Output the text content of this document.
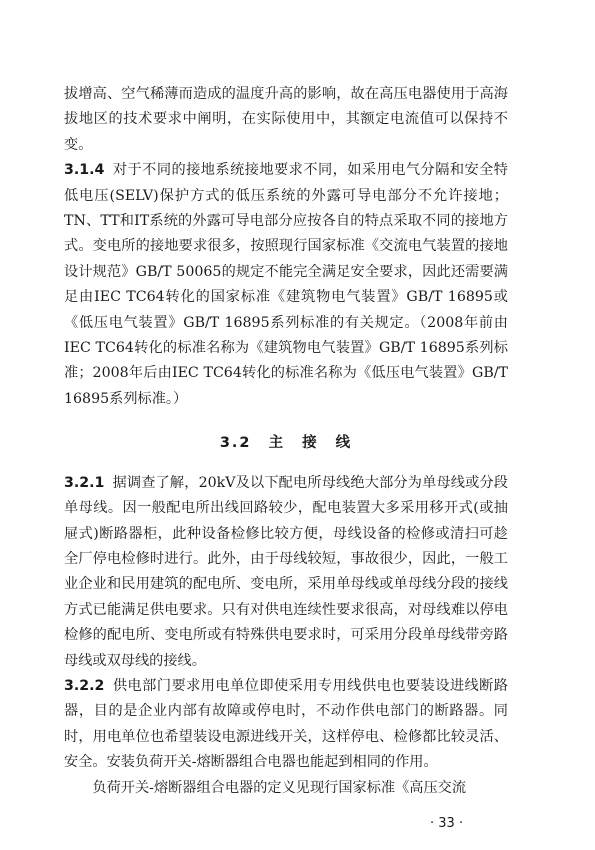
拔增高、空气稀薄而造成的温度升高的影响，故在高压电器使用于高海拔地区的技术要求中阐明，在实际使用中，其额定电流值可以保持不变。

3.1.4 对于不同的接地系统接地要求不同，如采用电气分隔和安全特低电压(SELV)保护方式的低压系统的外露可导电部分不允许接地；TN、TT和IT系统的外露可导电部分应按各自的特点采取不同的接地方式。变电所的接地要求很多，按照现行国家标准《交流电气装置的接地设计规范》GB/T 50065的规定不能完全满足安全要求，因此还需要满足由IEC TC64转化的国家标准《建筑物电气装置》GB/T 16895或《低压电气装置》GB/T 16895系列标准的有关规定。（2008年前由IEC TC64转化的标准名称为《建筑物电气装置》GB/T 16895系列标准；2008年后由IEC TC64转化的标准名称为《低压电气装置》GB/T 16895系列标准。）

3.2 主 接 线

3.2.1 据调查了解，20kV及以下配电所母线绝大部分为单母线或分段单母线。因一般配电所出线回路较少，配电装置大多采用移开式(或抽屉式)断路器柜，此种设备检修比较方便，母线设备的检修或清扫可趁全厂停电检修时进行。此外，由于母线较短，事故很少，因此，一般工业企业和民用建筑的配电所、变电所，采用单母线或单母线分段的接线方式已能满足供电要求。只有对供电连续性要求很高，对母线难以停电检修的配电所、变电所或有特殊供电要求时，可采用分段单母线带旁路母线或双母线的接线。

3.2.2 供电部门要求用电单位即使采用专用线供电也要装设进线断路器，目的是企业内部有故障或停电时，不动作供电部门的断路器。同时，用电单位也希望装设电源进线开关，这样停电、检修都比较灵活、安全。安装负荷开关-熔断器组合电器也能起到相同的作用。

负荷开关-熔断器组合电器的定义见现行国家标准《高压交流

· 33 ·
